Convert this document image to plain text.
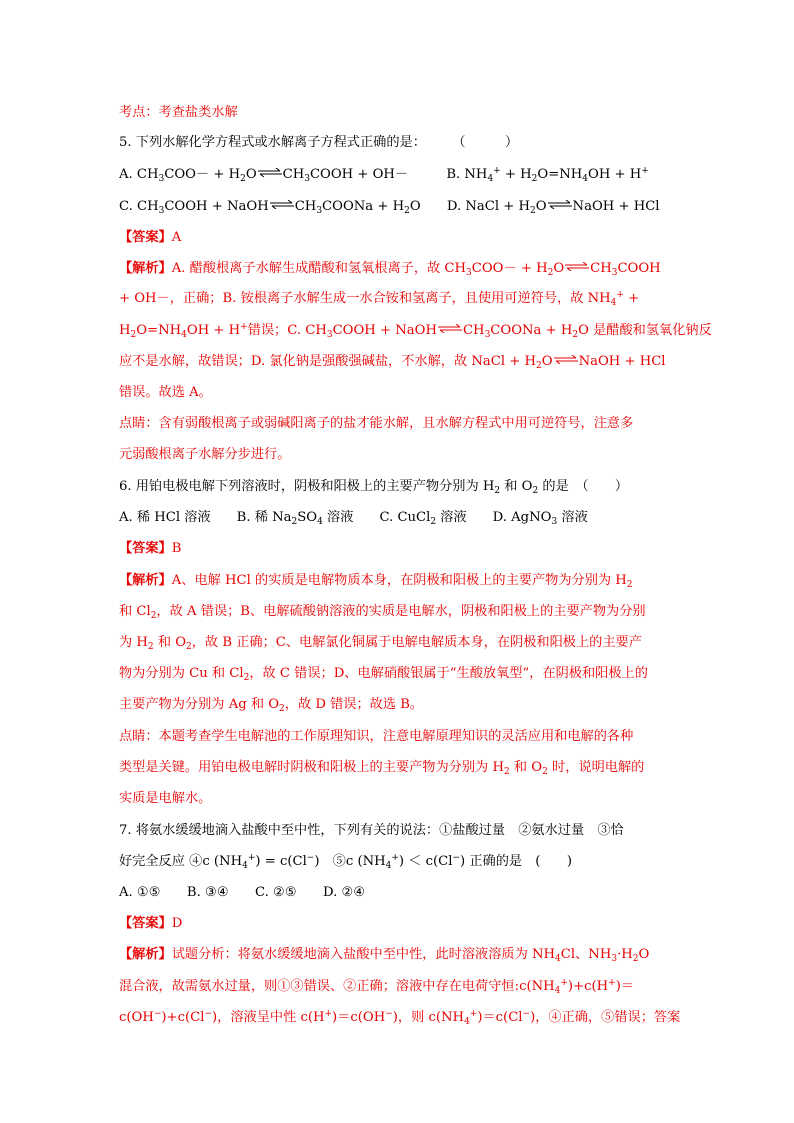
考点：考查盐类水解
5. 下列水解化学方程式或水解离子方程式正确的是：　　　（　　　）
A. $CH_3COO-$ + $H_2O\rightleftharpoons CH_3COOH + OH-$	B. $NH_4^+ + H_2O=NH_4OH + H^+$
C. $CH_3COOH$ + $NaOH\rightleftharpoons CH_3COONa + H_2O$ D. NaCl + $H_2O\rightleftharpoons NaOH$ + HCl
【答案】A
【解析】A. 醋酸根离子水解生成醋酸和氢氧根离子，故 $CH_3COO-$ + $H_2O\rightleftharpoons CH_3COOH$
+ OH－，正确；B. 铵根离子水解生成一水合铵和氢离子，且使用可逆符号，故 $NH_4^+$ +
$H_2O=NH_4OH + H^+$错误；C. $CH_3COOH$ + $NaOH\rightleftharpoons CH_3COONa + H_2O$ 是醋酸和氢氧化钠反
应不是水解，故错误；D. 氯化钠是强酸强碱盐，不水解，故 NaCl + $H_2O\rightleftharpoons NaOH$ + HCl
错误。故选 A。
点睛：含有弱酸根离子或弱碱阳离子的盐才能水解，且水解方程式中用可逆符号，注意多
元弱酸根离子水解分步进行。
6. 用铂电极电解下列溶液时，阴极和阳极上的主要产物分别为 $H_2$ 和 $O_2$ 的是　（　　）
A. 稀 HCl 溶液 B. 稀 $Na_2SO_4$ 溶液 C. CuCl$_2$ 溶液 D. AgNO$_3$ 溶液
【答案】B
【解析】A、电解 HCl 的实质是电解物质本身，在阴极和阳极上的主要产物为分别为 $H_2$
和 $Cl_2$，故 A 错误；B、电解硫酸钠溶液的实质是电解水，阴极和阳极上的主要产物为分别
为 $H_2$ 和 $O_2$，故 B 正确；C、电解氯化铜属于电解电解质本身，在阴极和阳极上的主要产
物为分别为 Cu 和 $Cl_2$，故 C 错误；D、电解硝酸银属于“生酸放氧型”，在阴极和阳极上的
主要产物为分别为 Ag 和 $O_2$，故 D 错误；故选 B。
点睛：本题考查学生电解池的工作原理知识，注意电解原理知识的灵活应用和电解的各种
类型是关键。用铂电极电解时阴极和阳极上的主要产物为分别为 $H_2$ 和 $O_2$ 时，说明电解的
实质是电解水。
7. 将氨水缓缓地滴入盐酸中至中性，下列有关的说法：①盐酸过量　②氨水过量　③恰
好完全反应 ④c $(NH_4^+) = c(Cl^-)$　⑤c $(NH_4^+) < c(Cl^-)$ 正确的是　(　　)
A. ①⑤　　B. ③④　　C. ②⑤　　D. ②④
【答案】D
【解析】试题分析：将氨水缓缓地滴入盐酸中至中性，此时溶液溶质为 $NH_4Cl$、$NH_3\cdot H_2O$
混合液，故需氨水过量，则①③错误、②正确；溶液中存在电荷守恒$:c(NH_4^+)+c(H^+)=$
c(OH−)+c(Cl−)，溶液呈中性 c(H+)＝c(OH−)，则 $c(NH_4^+)=c(Cl^-)$，④正确，⑤错误；答案
